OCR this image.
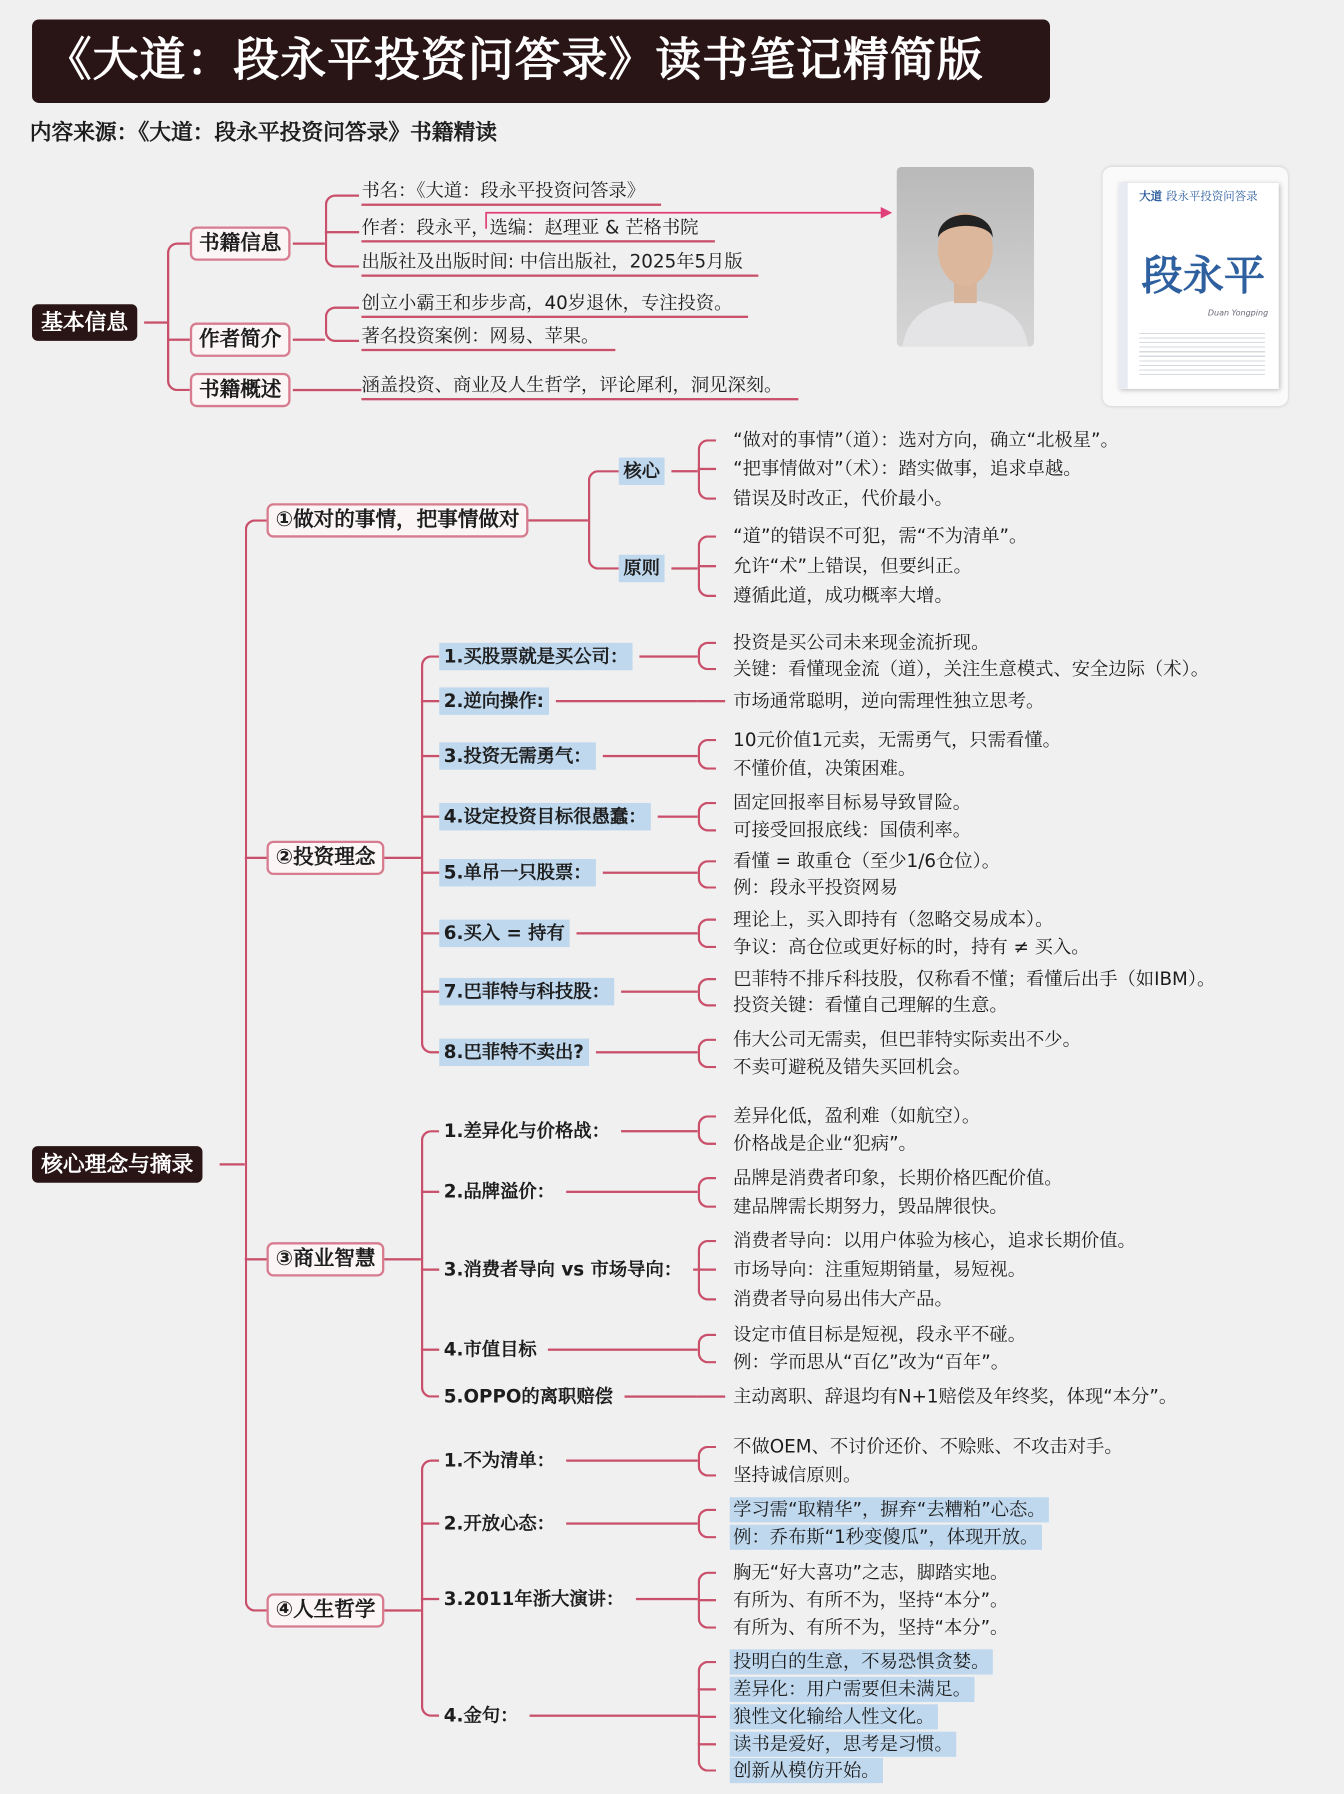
《大道：段永平投资问答录》读书笔记精简版
内容来源：《大道：段永平投资问答录》书籍精读
大道 段永平投资问答录
段永平
Duan Yongping
基本信息
书籍信息
书名：《大道：段永平投资问答录》
作者：段永平，选编：赵理亚 & 芒格书院
出版社及出版时间: 中信出版社，2025年5月版
作者简介
创立小霸王和步步高，40岁退休，专注投资。
著名投资案例：网易、苹果。
书籍概述	涵盖投资、商业及人生哲学，评论犀利，洞见深刻。
核心理念与摘录
①做对的事情，把事情做对
核心
“做对的事情”（道）：选对方向，确立“北极星”。
“把事情做对”（术）：踏实做事，追求卓越。
错误及时改正，代价最小。
原则
“道”的错误不可犯，需“不为清单”。
允许“术”上错误，但要纠正。
遵循此道，成功概率大增。
②投资理念
1.买股票就是买公司：
投资是买公司未来现金流折现。
关键：看懂现金流（道），关注生意模式、安全边际（术）。
2.逆向操作:	市场通常聪明，逆向需理性独立思考。
3.投资无需勇气：
10元价值1元卖，无需勇气，只需看懂。
不懂价值，决策困难。
4.设定投资目标很愚蠢：
固定回报率目标易导致冒险。
可接受回报底线：国债利率。
5.单吊一只股票：
看懂 = 敢重仓（至少1/6仓位）。
例：段永平投资网易
6.买入 = 持有
理论上，买入即持有（忽略交易成本）。
争议：高仓位或更好标的时，持有 ≠ 买入。
7.巴菲特与科技股：
巴菲特不排斥科技股，仅称看不懂；看懂后出手（如IBM）。
投资关键：看懂自己理解的生意。
8.巴菲特不卖出?
伟大公司无需卖，但巴菲特实际卖出不少。
不卖可避税及错失买回机会。
③商业智慧
1.差异化与价格战：
差异化低，盈利难（如航空）。
价格战是企业“犯病”。
2.品牌溢价：
品牌是消费者印象，长期价格匹配价值。
建品牌需长期努力，毁品牌很快。
3.消费者导向 vs 市场导向：
消费者导向：以用户体验为核心，追求长期价值。
市场导向：注重短期销量，易短视。
消费者导向易出伟大产品。
4.市值目标
设定市值目标是短视，段永平不碰。
例：学而思从“百亿”改为“百年”。
5.OPPO的离职赔偿	主动离职、辞退均有N+1赔偿及年终奖，体现“本分”。
④人生哲学
1.不为清单：
不做OEM、不讨价还价、不赊账、不攻击对手。
坚持诚信原则。
2.开放心态：
学习需“取精华”，摒弃“去糟粕”心态。
例：乔布斯“1秒变傻瓜”，体现开放。
3.2011年浙大演讲：
胸无“好大喜功”之志，脚踏实地。
有所为、有所不为，坚持“本分”。
有所为、有所不为，坚持“本分”。
4.金句：
投明白的生意，不易恐惧贪婪。
差异化：用户需要但未满足。
狼性文化输给人性文化。
读书是爱好，思考是习惯。
创新从模仿开始。
